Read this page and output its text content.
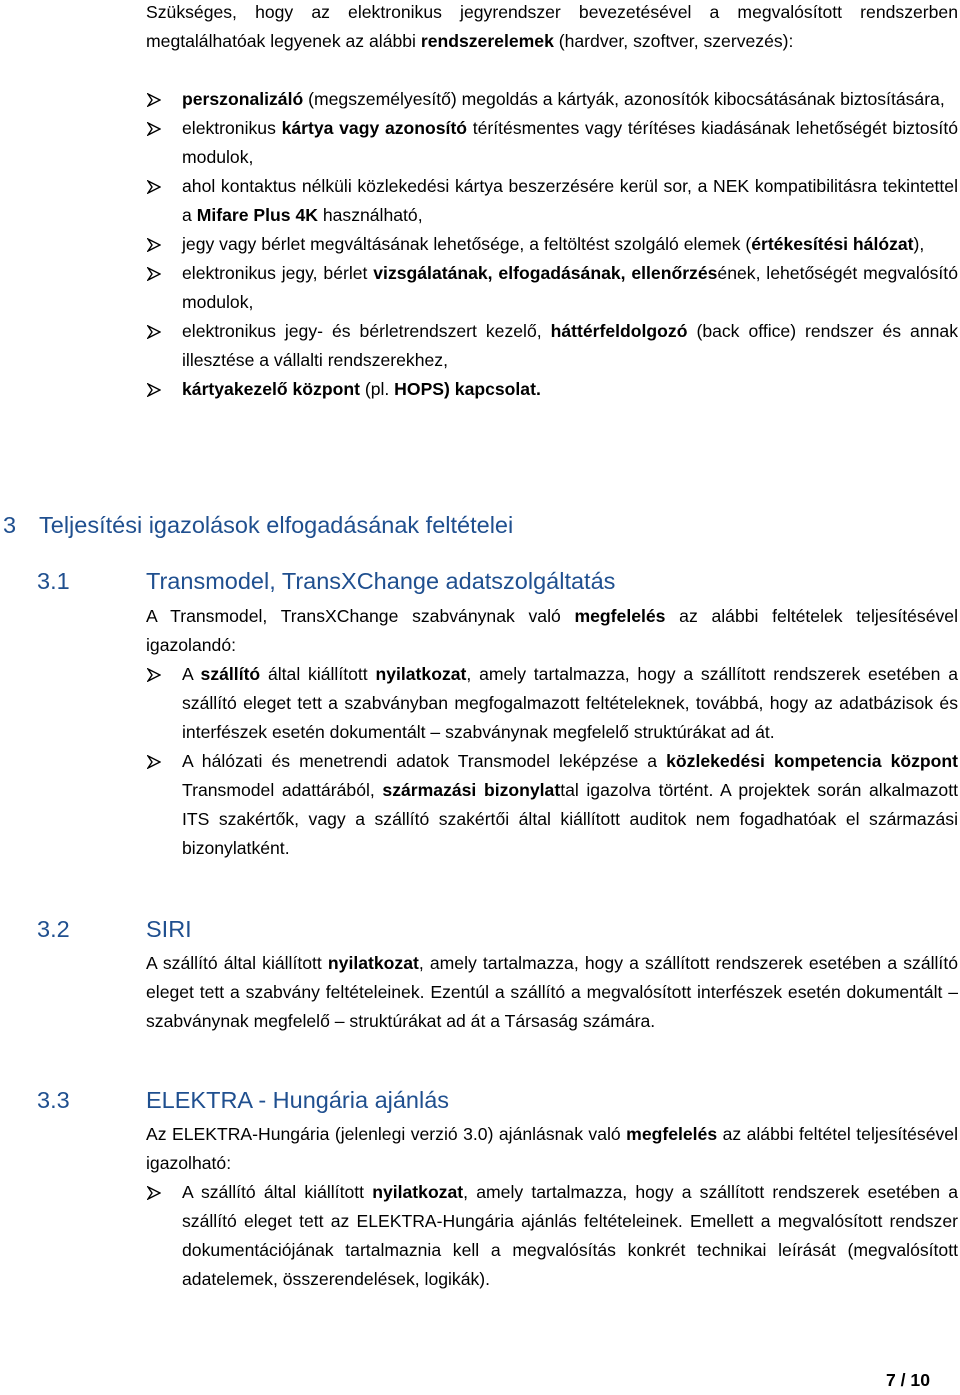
Szükséges, hogy az elektronikus jegyrendszer bevezetésével a megvalósított rendszerben megtalálhatóak legyenek az alábbi rendszerelemek (hardver, szoftver, szervezés):
perszonalizáló (megszemélyesítő) megoldás a kártyák, azonosítók kibocsátásának biztosítására,
elektronikus kártya vagy azonosító térítésmentes vagy térítéses kiadásának lehetőségét biztosító modulok,
ahol kontaktus nélküli közlekedési kártya beszerzésére kerül sor, a NEK kompatibilitásra tekintettel a Mifare Plus 4K használható,
jegy vagy bérlet megváltásának lehetősége, a feltöltést szolgáló elemek (értékesítési hálózat),
elektronikus jegy, bérlet vizsgálatának, elfogadásának, ellenőrzésének, lehetőségét megvalósító modulok,
elektronikus jegy- és bérletrendszert kezelő, háttérfeldolgozó (back office) rendszer és annak illesztése a vállalti rendszerekhez,
kártyakezelő központ (pl. HOPS) kapcsolat.
3 Teljesítési igazolások elfogadásának feltételei
3.1	Transmodel, TransXChange adatszolgáltatás
A Transmodel, TransXChange szabványnak való megfelelés az alábbi feltételek teljesítésével igazolandó:
A szállító által kiállított nyilatkozat, amely tartalmazza, hogy a szállított rendszerek esetében a szállító eleget tett a szabványban megfogalmazott feltételeknek, továbbá, hogy az adatbázisok és interfészek esetén dokumentált – szabványnak megfelelő struktúrákat ad át.
A hálózati és menetrendi adatok Transmodel leképzése a közlekedési kompetencia központ Transmodel adattárából, származási bizonylattal igazolva történt. A projektek során alkalmazott ITS szakértők, vagy a szállító szakértői által kiállított auditok nem fogadhatóak el származási bizonylatként.
3.2	SIRI
A szállító által kiállított nyilatkozat, amely tartalmazza, hogy a szállított rendszerek esetében a szállító eleget tett a szabvány feltételeinek. Ezentúl a szállító a megvalósított interfészek esetén dokumentált – szabványnak megfelelő – struktúrákat ad át a Társaság számára.
3.3	ELEKTRA - Hungária ajánlás
Az ELEKTRA-Hungária (jelenlegi verzió 3.0) ajánlásnak való megfelelés az alábbi feltétel teljesítésével igazolható:
A szállító által kiállított nyilatkozat, amely tartalmazza, hogy a szállított rendszerek esetében a szállító eleget tett az ELEKTRA-Hungária ajánlás feltételeinek. Emellett a megvalósított rendszer dokumentációjának tartalmaznia kell a megvalósítás konkrét technikai leírását (megvalósított adatelemek, összerendelések, logikák).
7 / 10
